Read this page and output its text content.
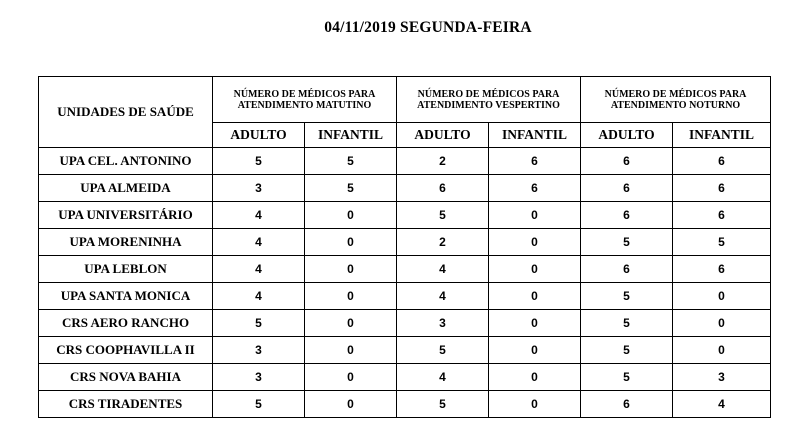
04/11/2019 SEGUNDA-FEIRA
UNIDADES DE SAÚDE	NÚMERO DE MÉDICOS PARA ATENDIMENTO MATUTINO		NÚMERO DE MÉDICOS PARA ATENDIMENTO VESPERTINO		NÚMERO DE MÉDICOS PARA ATENDIMENTO NOTURNO	
	ADULTO	INFANTIL	ADULTO	INFANTIL	ADULTO	INFANTIL
UPA CEL. ANTONINO	5	5	2	6	6	6
UPA ALMEIDA	3	5	6	6	6	6
UPA UNIVERSITÁRIO	4	0	5	0	6	6
UPA MORENINHA	4	0	2	0	5	5
UPA LEBLON	4	0	4	0	6	6
UPA SANTA MONICA	4	0	4	0	5	0
CRS AERO RANCHO	5	0	3	0	5	0
CRS COOPHAVILLA II	3	0	5	0	5	0
CRS NOVA BAHIA	3	0	4	0	5	3
CRS TIRADENTES	5	0	5	0	6	4
